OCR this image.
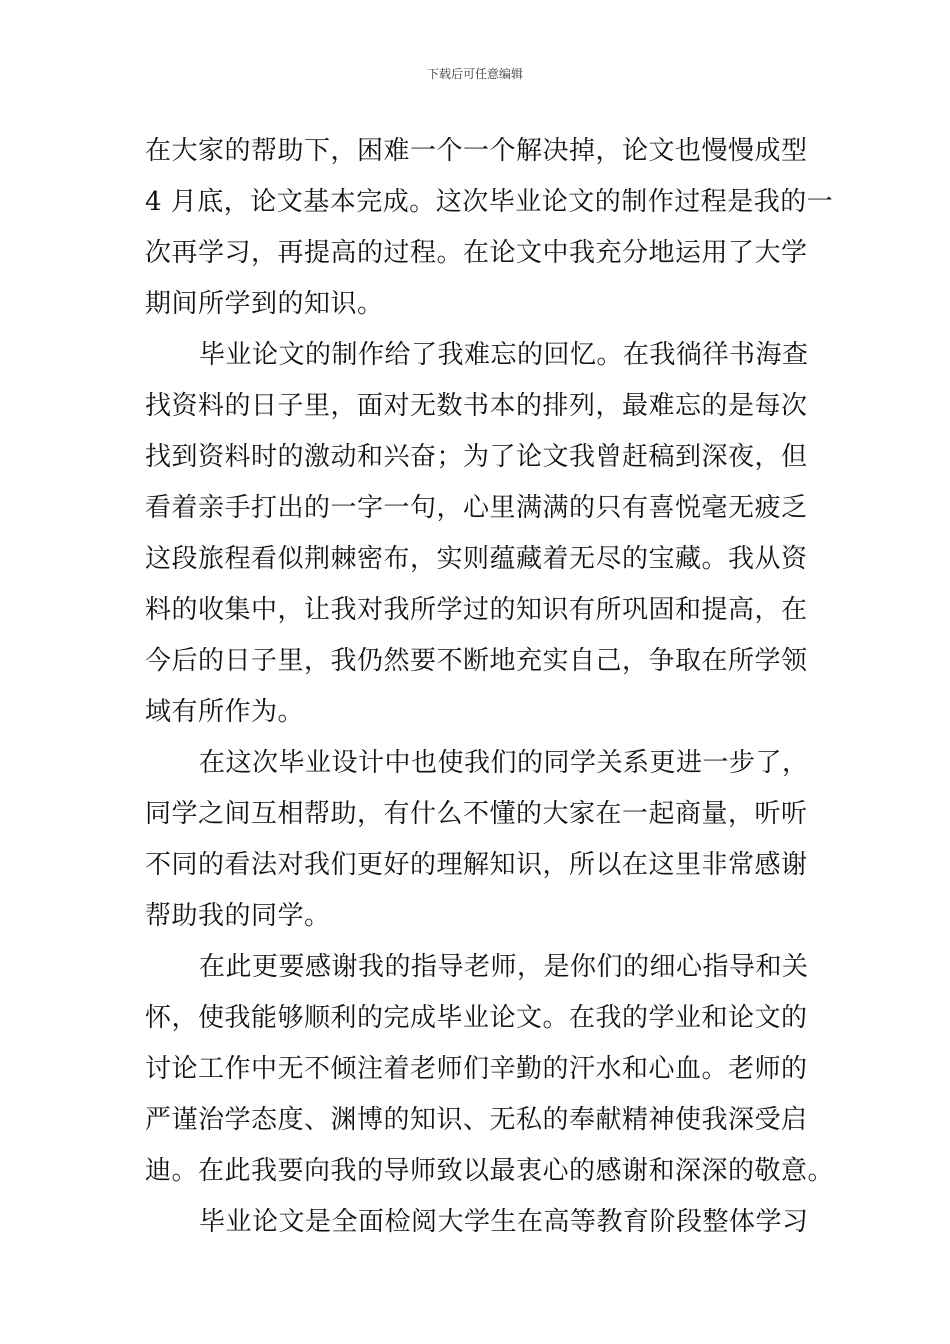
下载后可任意编辑
在大家的帮助下，困难一个一个解决掉，论文也慢慢成型
4 月底，论文基本完成。这次毕业论文的制作过程是我的一
次再学习，再提高的过程。在论文中我充分地运用了大学
期间所学到的知识。
毕业论文的制作给了我难忘的回忆。在我徜徉书海查
找资料的日子里，面对无数书本的排列，最难忘的是每次
找到资料时的激动和兴奋；为了论文我曾赶稿到深夜，但
看着亲手打出的一字一句，心里满满的只有喜悦毫无疲乏
这段旅程看似荆棘密布，实则蕴藏着无尽的宝藏。我从资
料的收集中，让我对我所学过的知识有所巩固和提高，在
今后的日子里，我仍然要不断地充实自己，争取在所学领
域有所作为。
在这次毕业设计中也使我们的同学关系更进一步了，
同学之间互相帮助，有什么不懂的大家在一起商量，听听
不同的看法对我们更好的理解知识，所以在这里非常感谢
帮助我的同学。
在此更要感谢我的指导老师，是你们的细心指导和关
怀，使我能够顺利的完成毕业论文。在我的学业和论文的
讨论工作中无不倾注着老师们辛勤的汗水和心血。老师的
严谨治学态度、渊博的知识、无私的奉献精神使我深受启
迪。在此我要向我的导师致以最衷心的感谢和深深的敬意。
毕业论文是全面检阅大学生在高等教育阶段整体学习
